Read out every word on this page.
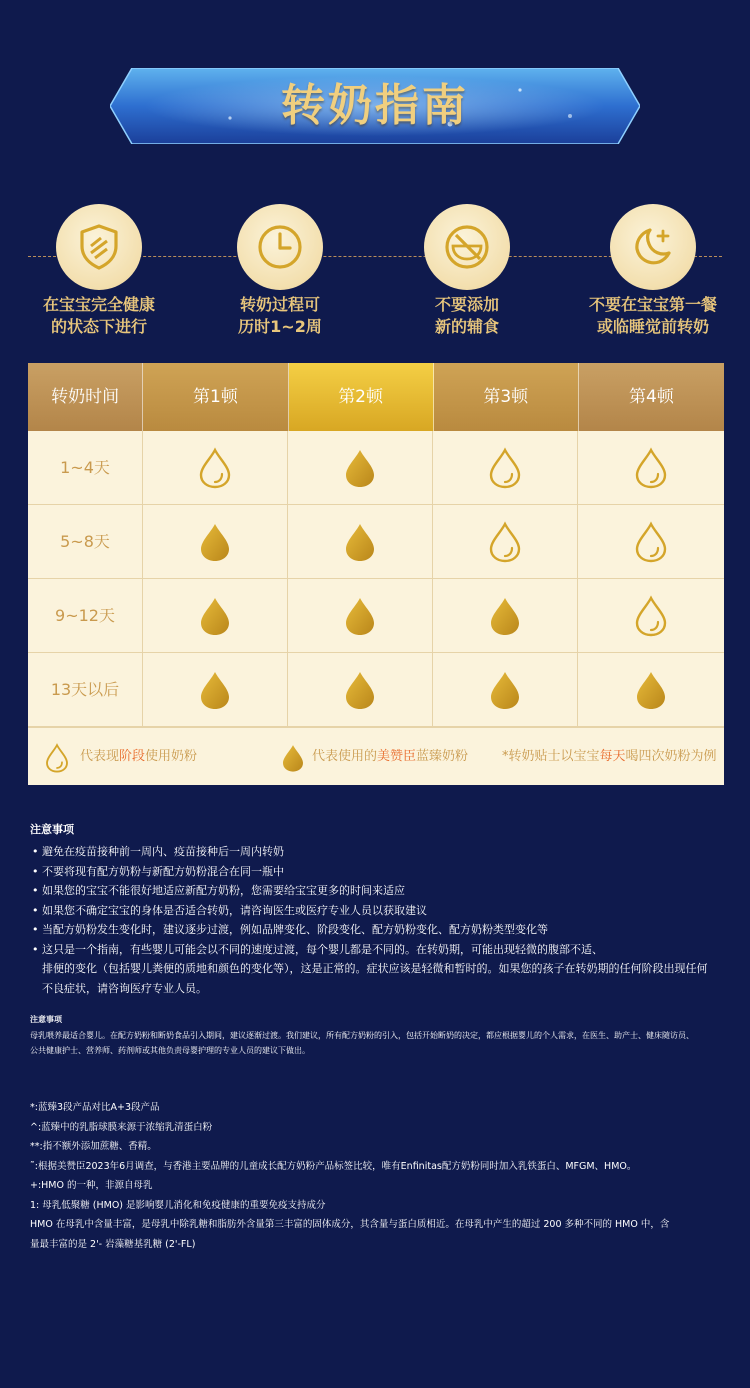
转奶指南
在宝宝完全健康
的状态下进行
转奶过程可
历时1~2周
不要添加
新的辅食
不要在宝宝第一餐
或临睡觉前转奶
转奶时间	第1顿	第2顿	第3顿	第4顿
1~4天
5~8天
9~12天
13天以后
代表现阶段使用奶粉	代表使用的美赞臣蓝臻奶粉	*转奶贴士以宝宝每天喝四次奶粉为例
注意事项
• 避免在疫苗接种前一周内、疫苗接种后一周内转奶
• 不要将现有配方奶粉与新配方奶粉混合在同一瓶中
• 如果您的宝宝不能很好地适应新配方奶粉，您需要给宝宝更多的时间来适应
• 如果您不确定宝宝的身体是否适合转奶，请咨询医生或医疗专业人员以获取建议
• 当配方奶粉发生变化时，建议逐步过渡，例如品牌变化、阶段变化、配方奶粉变化、配方奶粉类型变化等
• 这只是一个指南，有些婴儿可能会以不同的速度过渡，每个婴儿都是不同的。在转奶期，可能出现轻微的腹部不适、
排便的变化（包括婴儿粪便的质地和颜色的变化等），这是正常的。症状应该是轻微和暂时的。如果您的孩子在转奶期的任何阶段出现任何
不良症状，请咨询医疗专业人员。
注意事项
母乳喂养最适合婴儿。在配方奶粉和断奶食品引入期间，建议逐渐过渡。我们建议，所有配方奶粉的引入，包括开始断奶的决定，都应根据婴儿的个人需求，在医生、助产士、健床随访员、
公共健康护士、营养师、药剂师或其他负责母婴护理的专业人员的建议下做出。
*:蓝臻3段产品对比A+3段产品
^:蓝臻中的乳脂球膜来源于浓缩乳清蛋白粉
**:指不额外添加蔗糖、香精。
˜:根据美赞臣2023年6月调查，与香港主要品牌的儿童成长配方奶粉产品标签比较，唯有Enfinitas配方奶粉同时加入乳铁蛋白、MFGM、HMO。
+:HMO 的一种，非源自母乳
1: 母乳低聚糖 (HMO) 是影响婴儿消化和免疫健康的重要免疫支持成分
HMO 在母乳中含量丰富，是母乳中除乳糖和脂肪外含量第三丰富的固体成分，其含量与蛋白质相近。在母乳中产生的超过 200 多种不同的 HMO 中，含
量最丰富的是 2'- 岩藻糖基乳糖 (2'-FL)
